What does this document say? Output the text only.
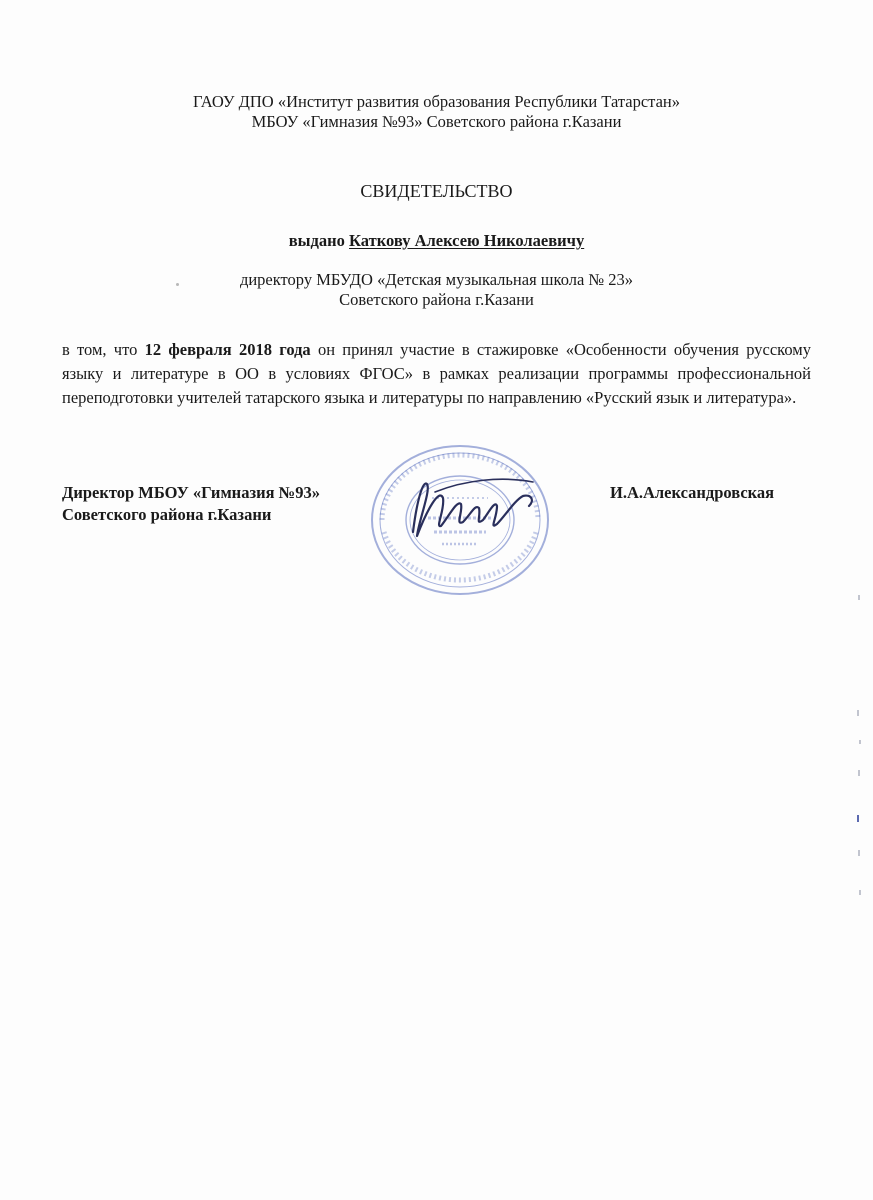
ГАОУ ДПО «Институт развития образования Республики Татарстан»
МБОУ «Гимназия №93» Советского района г.Казани
СВИДЕТЕЛЬСТВО
выдано Каткову Алексею Николаевичу
директору МБУДО «Детская музыкальная школа № 23»
Советского района г.Казани
в том, что 12 февраля 2018 года он принял участие в стажировке «Особенности обучения русскому языку и литературе в ОО в условиях ФГОС» в рамках реализации программы профессиональной переподготовки учителей татарского языка и литературы по направлению «Русский язык и литература».
Директор МБОУ «Гимназия №93»
Советского района г.Казани
И.А.Александровская
